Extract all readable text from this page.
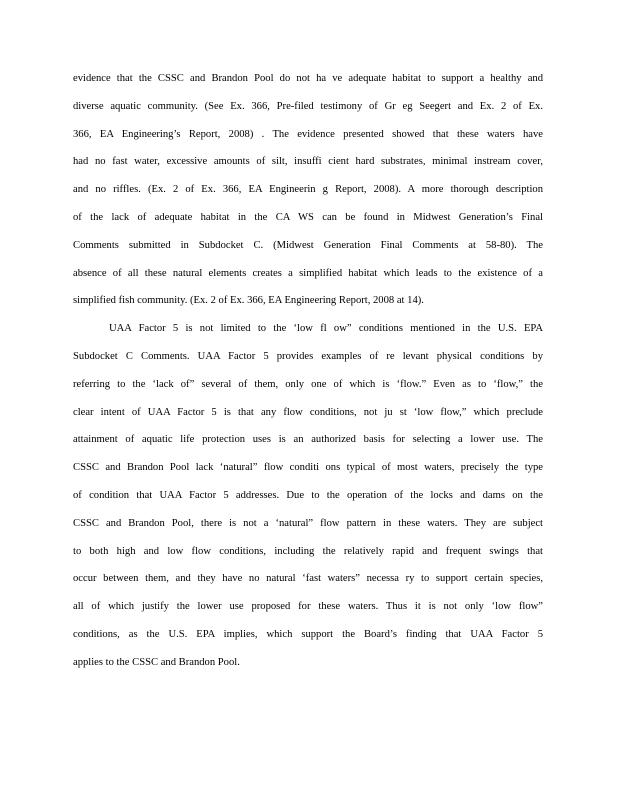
evidence that the CSSC and Brandon Pool do not ha ve adequate habitat to support a healthy and
diverse aquatic community. (See Ex. 366, Pre-filed testimony of Gr eg Seegert and Ex. 2 of Ex.
366, EA Engineering’s Report, 2008) . The evidence presented showed that these waters have
had no fast water, excessive amounts of silt, insuffi cient hard substrates, minimal instream cover,
and no riffles. (Ex. 2 of Ex. 366, EA Engineerin g Report, 2008). A more thorough description
of the lack of adequate habitat in the CA WS can be found in Midwest Generation’s Final
Comments submitted in Subdocket C. (Midwest Generation Final Comments at 58-80). The
absence of all these natural elements creates a simplified habitat which leads to the existence of a
simplified fish community. (Ex. 2 of Ex. 366, EA Engineering Report, 2008 at 14).
UAA Factor 5 is not limited to the ‘low fl ow” conditions mentioned in the U.S. EPA
Subdocket C Comments. UAA Factor 5 provides examples of re levant physical conditions by
referring to the ‘lack of” several of them, only one of which is ‘flow.” Even as to ‘flow,” the
clear intent of UAA Factor 5 is that any flow conditions, not ju st ‘low flow,” which preclude
attainment of aquatic life protection uses is an authorized basis for selecting a lower use. The
CSSC and Brandon Pool lack ‘natural” flow conditi ons typical of most waters, precisely the type
of condition that UAA Factor 5 addresses. Due to the operation of the locks and dams on the
CSSC and Brandon Pool, there is not a ‘natural” flow pattern in these waters. They are subject
to both high and low flow conditions, including the relatively rapid and frequent swings that
occur between them, and they have no natural ‘fast waters” necessa ry to support certain species,
all of which justify the lower use proposed for these waters. Thus it is not only ‘low flow”
conditions, as the U.S. EPA implies, which support the Board’s finding that UAA Factor 5
applies to the CSSC and Brandon Pool.
